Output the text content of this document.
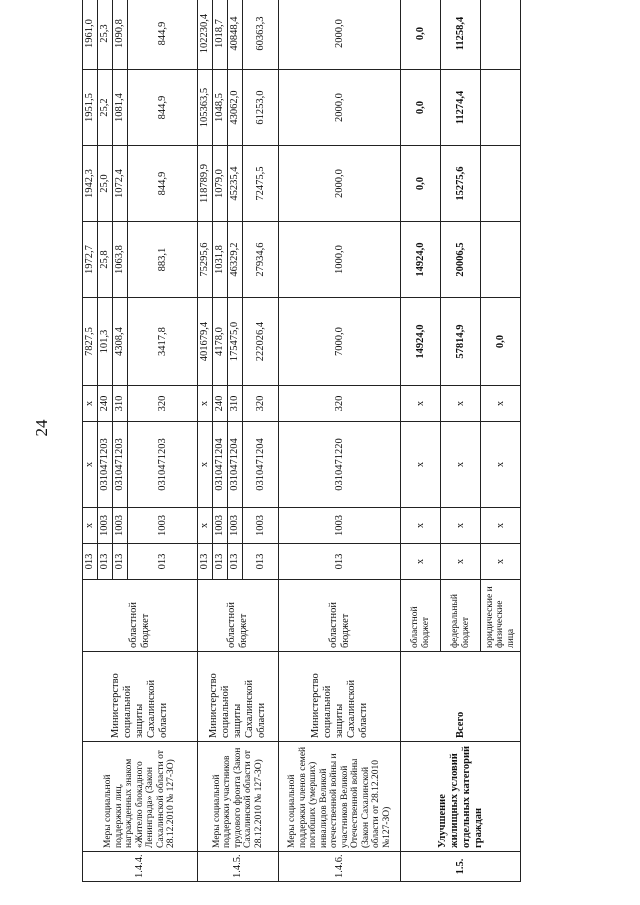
24
1.4.4.	Меры социальной поддержки лиц, награжденных знаком «Жителю блокадного Ленинграда» (Закон Сахалинской области от 28.12.2010 № 127-ЗО)	Министерство социальной защиты Сахалинской области	областной бюджет	013	x	x	x	7827,5	1972,7	1942,3	1951,5	1961,0
				013	1003	0310471203	240	101,3	25,8	25,0	25,2	25,3
				013	1003	0310471203	310	4308,4	1063,8	1072,4	1081,4	1090,8
				013	1003	0310471203	320	3417,8	883,1	844,9	844,9	844,9
1.4.5.	Меры социальной поддержки участников трудового фронта (Закон Сахалинской области от 28.12.2010 № 127-ЗО)	Министерство социальной защиты Сахалинской области	областной бюджет	013	x	x	x	401679,4	75295,6	118789,9	105363,5	102230,4
				013	1003	0310471204	240	4178,0	1031,8	1079,0	1048,5	1018,7
				013	1003	0310471204	310	175475,0	46329,2	45235,4	43062,0	40848,4
				013	1003	0310471204	320	222026,4	27934,6	72475,5	61253,0	60363,3
1.4.6.	Меры социальной поддержки членов семей погибших (умерших) инвалидов Великой отечественной войны и участников Великой Отечественной войны (Закон Сахалинской области от 28.12.2010 №127-ЗО)	Министерство социальной защиты Сахалинской области	областной бюджет	013	1003	0310471220	320	7000,0	1000,0	2000,0	2000,0	2000,0
1.5.	Улучшение жилищных условий отдельных категорий граждан	Всего	областной бюджет	x	x	x	x	14924,0	14924,0	0,0	0,0	0,0
			федеральный бюджет	x	x	x	x	57814,9	20006,5	15275,6	11274,4	11258,4
			юридические и физические лица	x	x	x	x	0,0				
